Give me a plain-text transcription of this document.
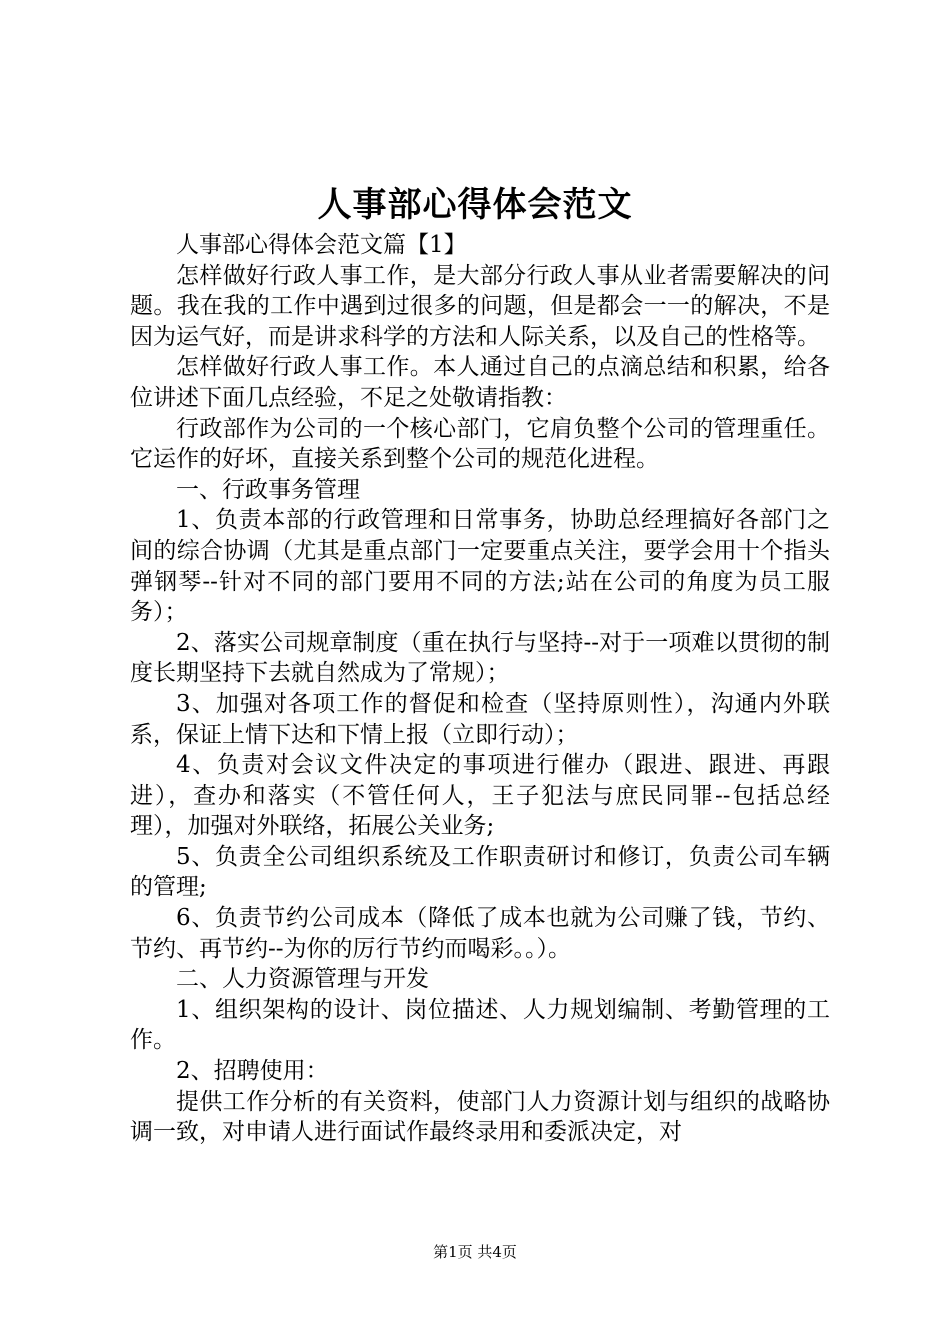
人事部心得体会范文

人事部心得体会范文篇【1】

怎样做好行政人事工作，是大部分行政人事从业者需要解决的问题。我在我的工作中遇到过很多的问题，但是都会一一的解决，不是因为运气好，而是讲求科学的方法和人际关系，以及自己的性格等。

怎样做好行政人事工作。本人通过自己的点滴总结和积累，给各位讲述下面几点经验，不足之处敬请指教：

行政部作为公司的一个核心部门，它肩负整个公司的管理重任。它运作的好坏，直接关系到整个公司的规范化进程。

一、行政事务管理

1、负责本部的行政管理和日常事务，协助总经理搞好各部门之间的综合协调（尤其是重点部门一定要重点关注，要学会用十个指头弹钢琴--针对不同的部门要用不同的方法;站在公司的角度为员工服务）；

2、落实公司规章制度（重在执行与坚持--对于一项难以贯彻的制度长期坚持下去就自然成为了常规）；

3、加强对各项工作的督促和检查（坚持原则性），沟通内外联系，保证上情下达和下情上报（立即行动）；

4、负责对会议文件决定的事项进行催办（跟进、跟进、再跟进），查办和落实（不管任何人，王子犯法与庶民同罪--包括总经理），加强对外联络，拓展公关业务;

5、负责全公司组织系统及工作职责研讨和修订，负责公司车辆的管理;

6、负责节约公司成本（降低了成本也就为公司赚了钱，节约、节约、再节约--为你的厉行节约而喝彩。。）。

二、人力资源管理与开发

1、组织架构的设计、岗位描述、人力规划编制、考勤管理的工作。

2、招聘使用：

提供工作分析的有关资料，使部门人力资源计划与组织的战略协调一致，对申请人进行面试作最终录用和委派决定，对

第1页 共4页
